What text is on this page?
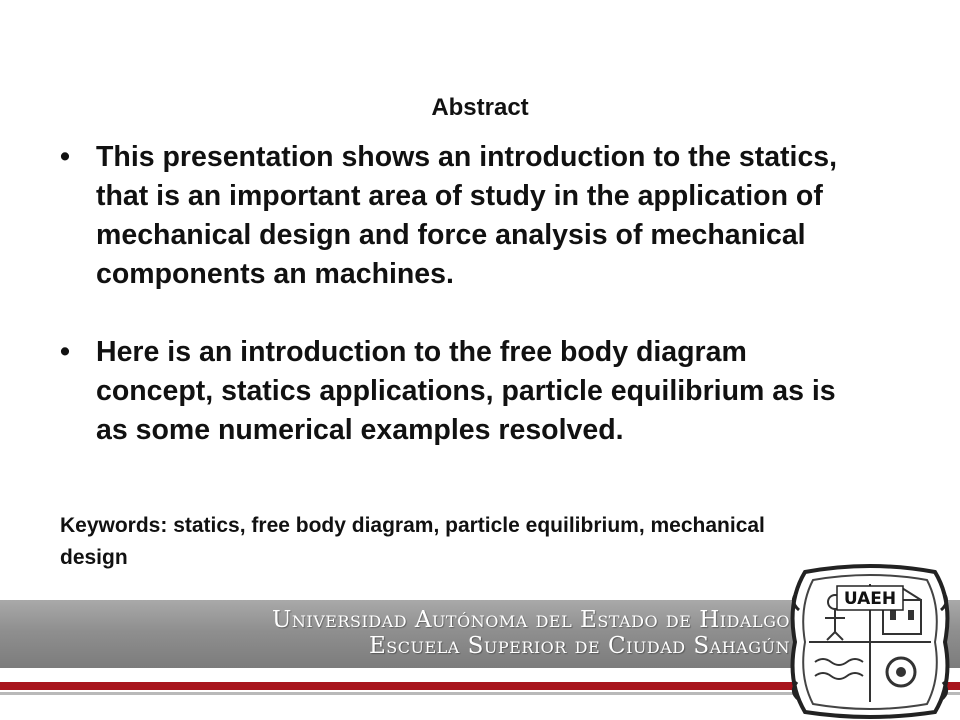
Abstract
• This presentation shows an introduction to the statics, that is an important area of study in the application of mechanical design and force analysis of mechanical components an machines.
• Here is an introduction to the free body diagram concept, statics applications, particle equilibrium as is as some numerical examples resolved.
Keywords: statics, free body diagram, particle equilibrium, mechanical design
Universidad Autónoma del Estado de Hidalgo
Escuela Superior de Ciudad Sahagún
UAEH
